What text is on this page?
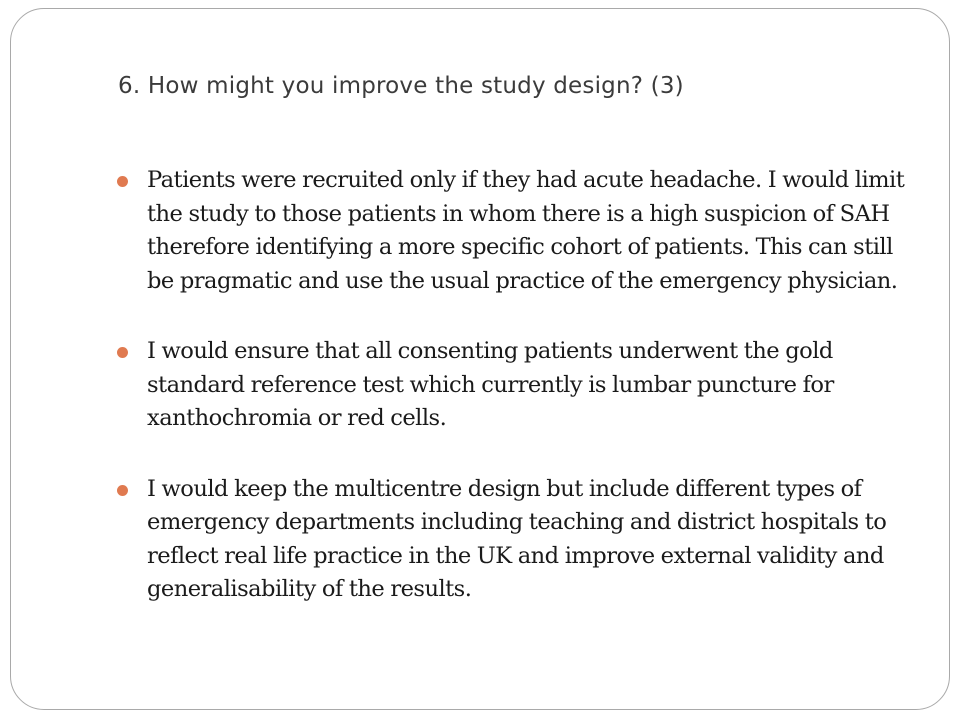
6. How might you improve the study design? (3)
Patients were recruited only if they had acute headache. I would limit the study to those patients in whom there is a high suspicion of SAH therefore identifying a more specific cohort of patients. This can still be pragmatic and use the usual practice of the emergency physician.
I would ensure that all consenting patients underwent the gold standard reference test which currently is lumbar puncture for xanthochromia or red cells.
I would keep the multicentre design but include different types of emergency departments including teaching and district hospitals to reflect real life practice in the UK and improve external validity and generalisability of the results.
